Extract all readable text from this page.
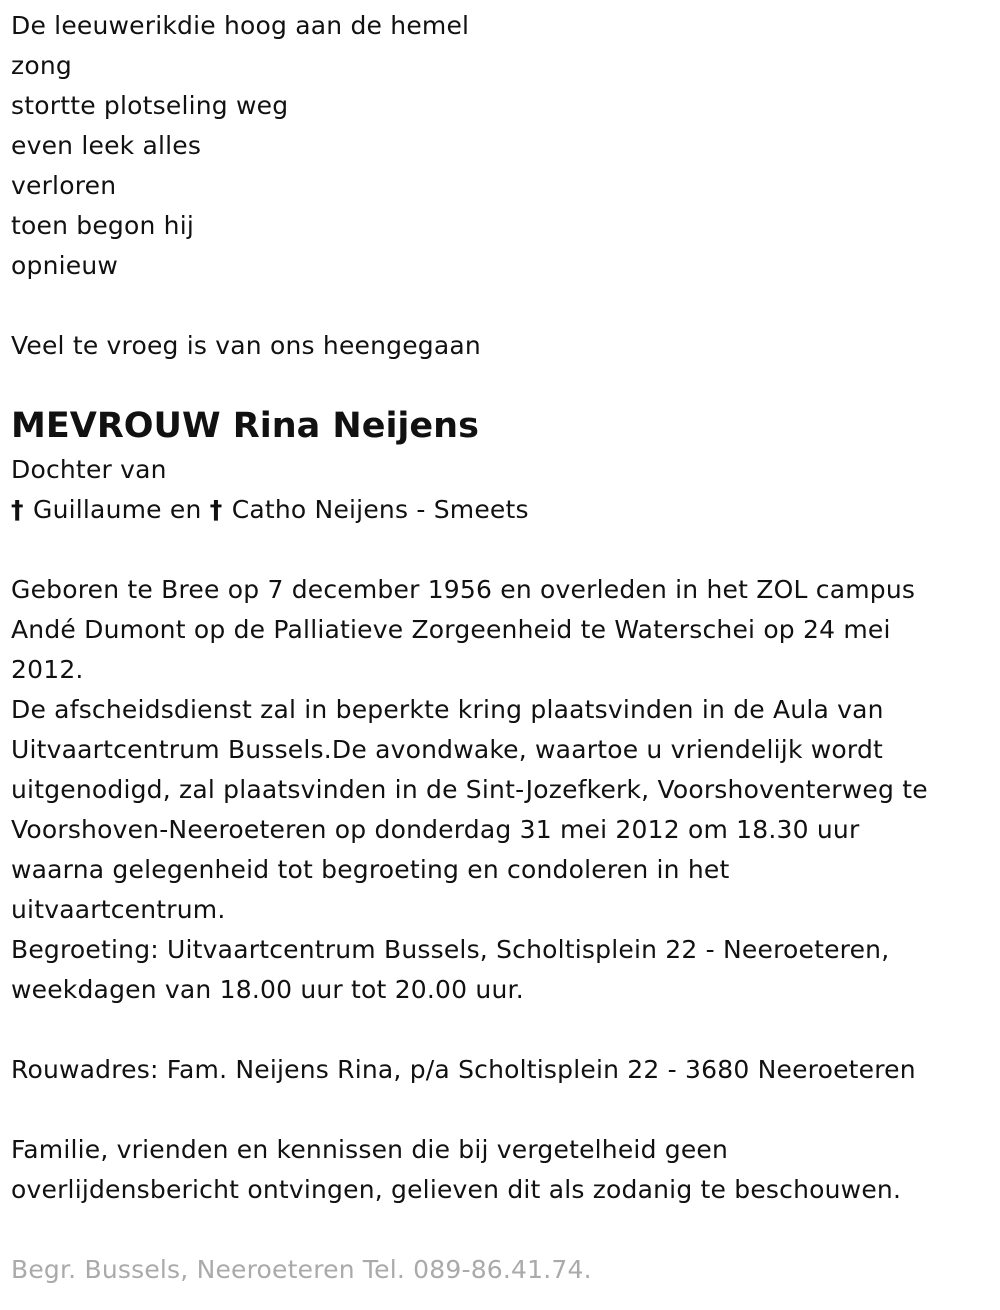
De leeuwerikdie hoog aan de hemel
zong
stortte plotseling weg
even leek alles
verloren
toen begon hij
opnieuw
Veel te vroeg is van ons heengegaan
MEVROUW Rina Neijens
Dochter van
† Guillaume en † Catho Neijens - Smeets
Geboren te Bree op 7 december 1956 en overleden in het ZOL campus
Andé Dumont op de Palliatieve Zorgeenheid te Waterschei op 24 mei
2012.
De afscheidsdienst zal in beperkte kring plaatsvinden in de Aula van
Uitvaartcentrum Bussels.De avondwake, waartoe u vriendelijk wordt
uitgenodigd, zal plaatsvinden in de Sint-Jozefkerk, Voorshoventerweg te
Voorshoven-Neeroeteren op donderdag 31 mei 2012 om 18.30 uur
waarna gelegenheid tot begroeting en condoleren in het
uitvaartcentrum.
Begroeting: Uitvaartcentrum Bussels, Scholtisplein 22 - Neeroeteren,
weekdagen van 18.00 uur tot 20.00 uur.
Rouwadres: Fam. Neijens Rina, p/a Scholtisplein 22 - 3680 Neeroeteren
Familie, vrienden en kennissen die bij vergetelheid geen
overlijdensbericht ontvingen, gelieven dit als zodanig te beschouwen.
Begr. Bussels, Neeroeteren Tel. 089-86.41.74.
